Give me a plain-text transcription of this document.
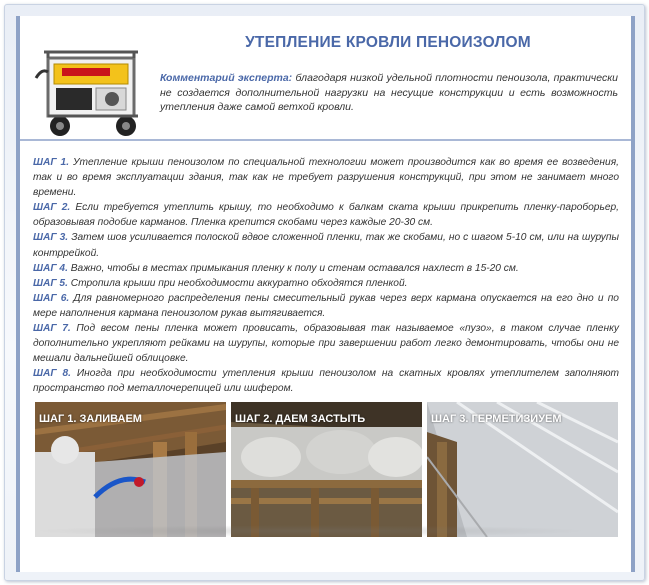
УТЕПЛЕНИЕ КРОВЛИ ПЕНОИЗОЛОМ
Комментарий эксперта: благодаря низкой удельной плотности пеноизола, практически не создается дополнительной нагрузки на несущие конструкции и есть возможность утепления даже самой ветхой кровли.

ШАГ 1. Утепление крыши пеноизолом по специальной технологии может производится как во время ее возведения, так и во время эксплуатации здания, так как не требует разрушения конструкций, при этом не занимает много времени.

ШАГ 2. Если требуется утеплить крышу, то необходимо к балкам ската крыши прикрепить пленку-пароборьер, образовывая подобие карманов. Пленка крепится скобами через каждые 20-30 см.

ШАГ 3. Затем шов усиливается полоской вдвое сложенной пленки, так же скобами, но с шагом 5-10 см, или на шурупы контррейкой.

ШАГ 4. Важно, чтобы в местах примыкания пленку к полу и стенам оставался нахлест в 15-20 см.

ШАГ 5. Стропила крыши при необходимости аккуратно обходятся пленкой.

ШАГ 6. Для равномерного распределения пены смесительный рукав через верх кармана опускается на его дно и по мере наполнения кармана пеноизолом рукав вытягивается.

ШАГ 7. Под весом пены пленка может провисать, образовывая так называемое «пузо», в таком случае пленку дополнительно укрепляют рейками на шурупы, которые при завершении работ легко демонтировать, чтобы они не мешали дальнейшей облицовке.

ШАГ 8. Иногда при необходимости утепления крыши пеноизолом на скатных кровлях утеплителем заполняют пространство под металлочерепицей или шифером.

ШАГ 1. ЗАЛИВАЕМ	ШАГ 2. ДАЕМ ЗАСТЫТЬ	ШАГ 3. ГЕРМЕТИЗИУЕМ
